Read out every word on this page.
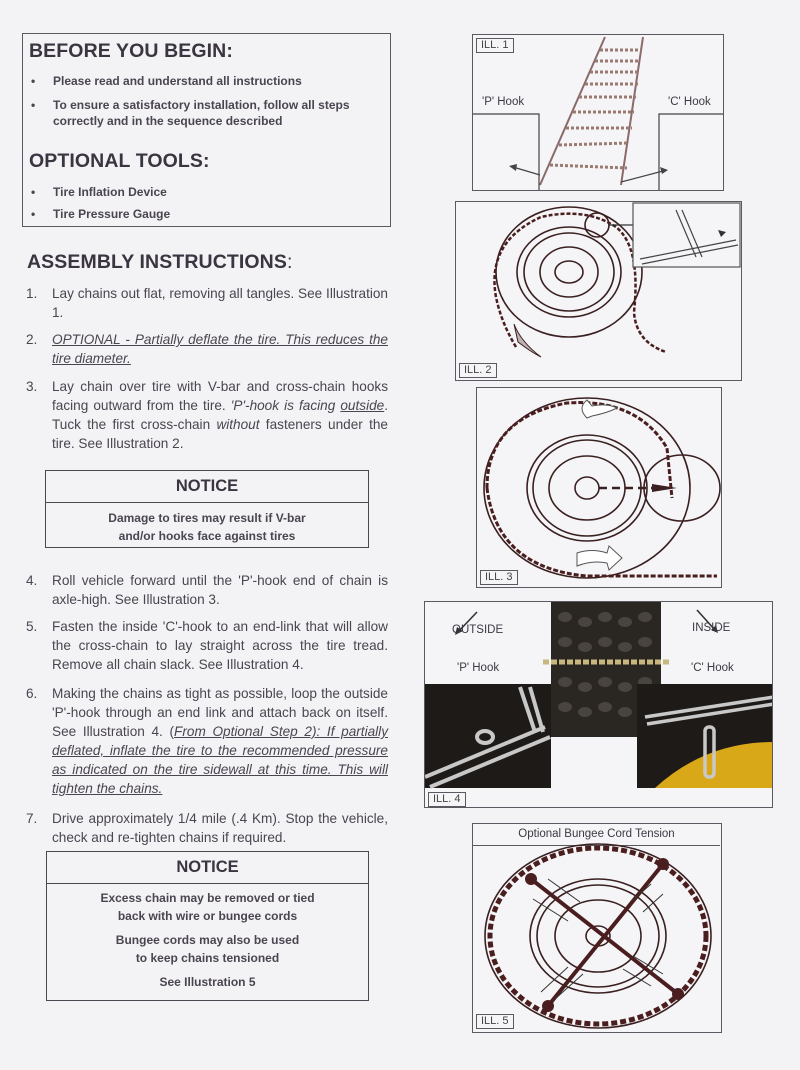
BEFORE YOU BEGIN:
• Please read and understand all instructions
• To ensure a satisfactory installation, follow all steps
correctly and in the sequence described
OPTIONAL TOOLS:
• Tire Inflation Device
• Tire Pressure Gauge
ASSEMBLY INSTRUCTIONS:
1. Lay chains out flat, removing all tangles. See Illustration 1.
2. OPTIONAL - Partially deflate the tire. This reduces the tire diameter.
3. Lay chain over tire with V-bar and cross-chain hooks facing outward from the tire. 'P'-hook is facing outside. Tuck the first cross-chain without fasteners under the tire. See Illustration 2.
NOTICE
Damage to tires may result if V-bar
and/or hooks face against tires
4. Roll vehicle forward until the 'P'-hook end of chain is axle-high. See Illustration 3.
5. Fasten the inside 'C'-hook to an end-link that will allow the cross-chain to lay straight across the tire tread. Remove all chain slack. See Illustration 4.
6. Making the chains as tight as possible, loop the outside 'P'-hook through an end link and attach back on itself. See Illustration 4. (From Optional Step 2): If partially deflated, inflate the tire to the recommended pressure as indicated on the tire sidewall at this time. This will tighten the chains.
7. Drive approximately 1/4 mile (.4 Km). Stop the vehicle, check and re-tighten chains if required.
NOTICE
Excess chain may be removed or tied
back with wire or bungee cords
Bungee cords may also be used
to keep chains tensioned
See Illustration 5
ILL. 1
'P' Hook	'C' Hook
ILL. 2
ILL. 3
OUTSIDE	INSIDE
'P' Hook	'C' Hook
ILL. 4
Optional Bungee Cord Tension
ILL. 5
